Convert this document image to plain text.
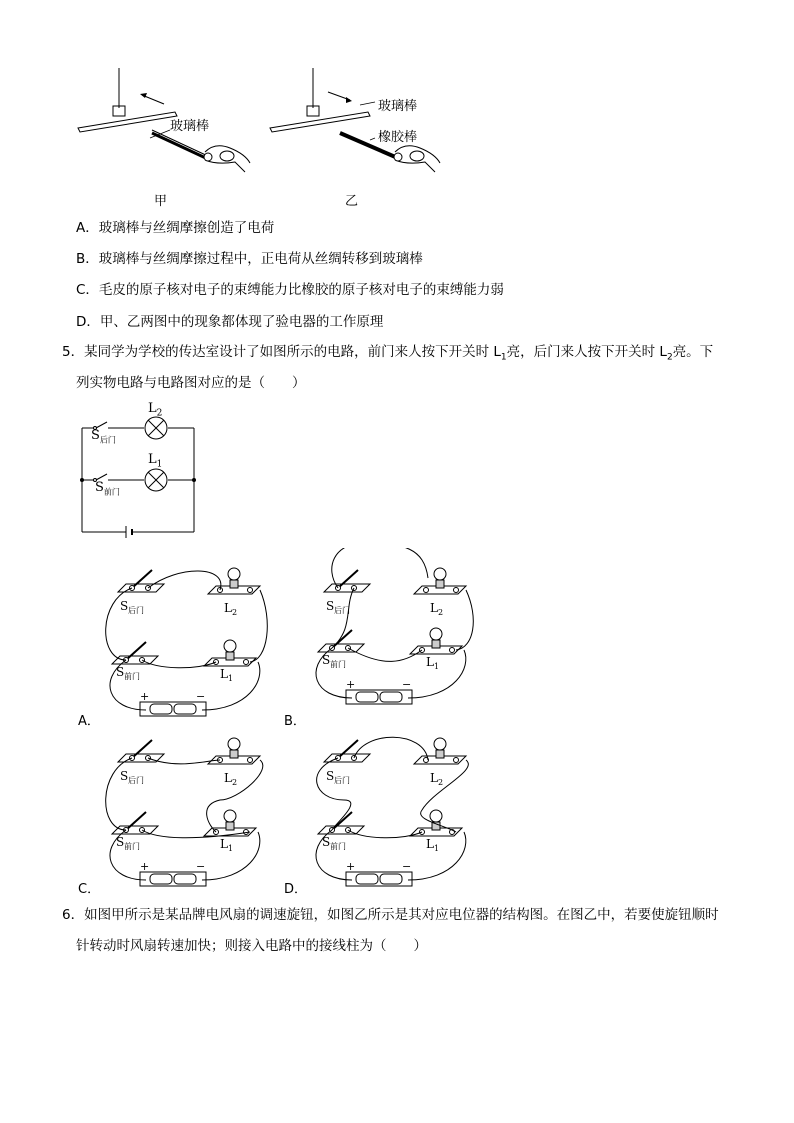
玻璃棒
玻璃棒
橡胶棒
甲	乙
A．玻璃棒与丝绸摩擦创造了电荷
B．玻璃棒与丝绸摩擦过程中，正电荷从丝绸转移到玻璃棒
C．毛皮的原子核对电子的束缚能力比橡胶的原子核对电子的束缚能力弱
D．甲、乙两图中的现象都体现了验电器的工作原理
5．某同学为学校的传达室设计了如图所示的电路，前门来人按下开关时 $L_1$亮，后门来人按下开关时 $L_2$亮。下
列实物电路与电路图对应的是（　　）
$L_2$
$L_1$
$S_{后门}$
$S_{前门}$
S 后门	L 2
S 前门	L 1
+	−
S 后门	L 2
S 前门	L 1
+	−
S 后门	L 2
S 前门	L 1
+	−
S 后门	L 2
S 前门	L 1
+	−
A．	B．
C．	D．
6．如图甲所示是某品牌电风扇的调速旋钮，如图乙所示是其对应电位器的结构图。在图乙中，若要使旋钮顺时
针转动时风扇转速加快；则接入电路中的接线柱为（　　）
